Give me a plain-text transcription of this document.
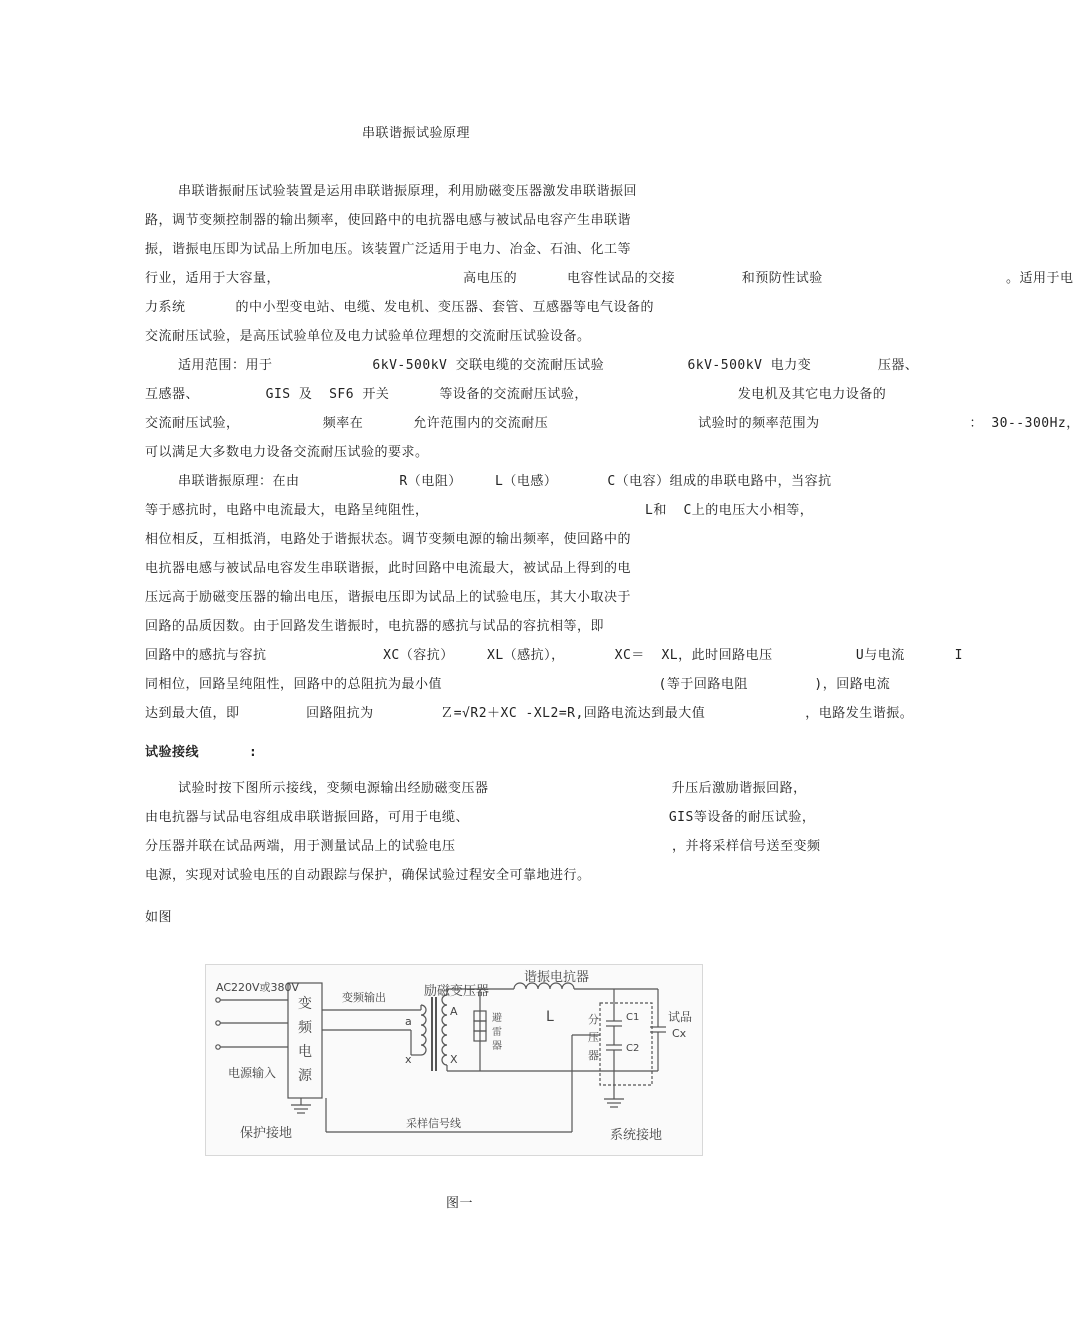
串联谐振试验原理
串联谐振耐压试验装置是运用串联谐振原理，利用励磁变压器激发串联谐振回
路，调节变频控制器的输出频率，使回路中的电抗器电感与被试品电容产生串联谐
振，谐振电压即为试品上所加电压。该装置广泛适用于电力、冶金、石油、化工等
行业，适用于大容量，                      高电压的      电容性试品的交接        和预防性试验                      。适用于电
力系统      的中小型变电站、电缆、发电机、变压器、套管、互感器等电气设备的
交流耐压试验，是高压试验单位及电力试验单位理想的交流耐压试验设备。
适用范围：用于            6kV-500kV 交联电缆的交流耐压试验          6kV-500kV 电力变        压器、
互感器、        GIS 及  SF6 开关      等设备的交流耐压试验，                  发电机及其它电力设备的
交流耐压试验，          频率在      允许范围内的交流耐压                  试验时的频率范围为                  ： 30--300Hz，
可以满足大多数电力设备交流耐压试验的要求。
串联谐振原理：在由            R（电阻）    L（电感）      C（电容）组成的串联电路中，当容抗
等于感抗时，电路中电流最大，电路呈纯阻性，                          L和  C上的电压大小相等，
相位相反，互相抵消，电路处于谐振状态。调节变频电源的输出频率，使回路中的
电抗器电感与被试品电容发生串联谐振，此时回路中电流最大，被试品上得到的电
压远高于励磁变压器的输出电压，谐振电压即为试品上的试验电压，其大小取决于
回路的品质因数。由于回路发生谐振时，电抗器的感抗与试品的容抗相等，即
回路中的感抗与容抗              XC（容抗）    XL（感抗），      XC＝  XL，此时回路电压          U与电流      I
同相位，回路呈纯阻性，回路中的总阻抗为最小值                          (等于回路电阻        )，回路电流
达到最大值，即        回路阻抗为        Ｚ=√R2＋XC -XL2=R,回路电流达到最大值            ，电路发生谐振。
试验接线      :
试验时按下图所示接线，变频电源输出经励磁变压器                      升压后激励谐振回路，
由电抗器与试品电容组成串联谐振回路，可用于电缆、                        GIS等设备的耐压试验，
分压器并联在试品两端，用于测量试品上的试验电压                          ，并将采样信号送至变频
电源，实现对试验电压的自动跟踪与保护，确保试验过程安全可靠地进行。
如图
AC220V或380V
电源输入
变
频
电
源
变频输出
a
x
励磁变压器
A
X
避
雷
器
谐振电抗器
L	分
压
器
C1
C2
试品
Cx
保护接地
采样信号线
系统接地
图一
